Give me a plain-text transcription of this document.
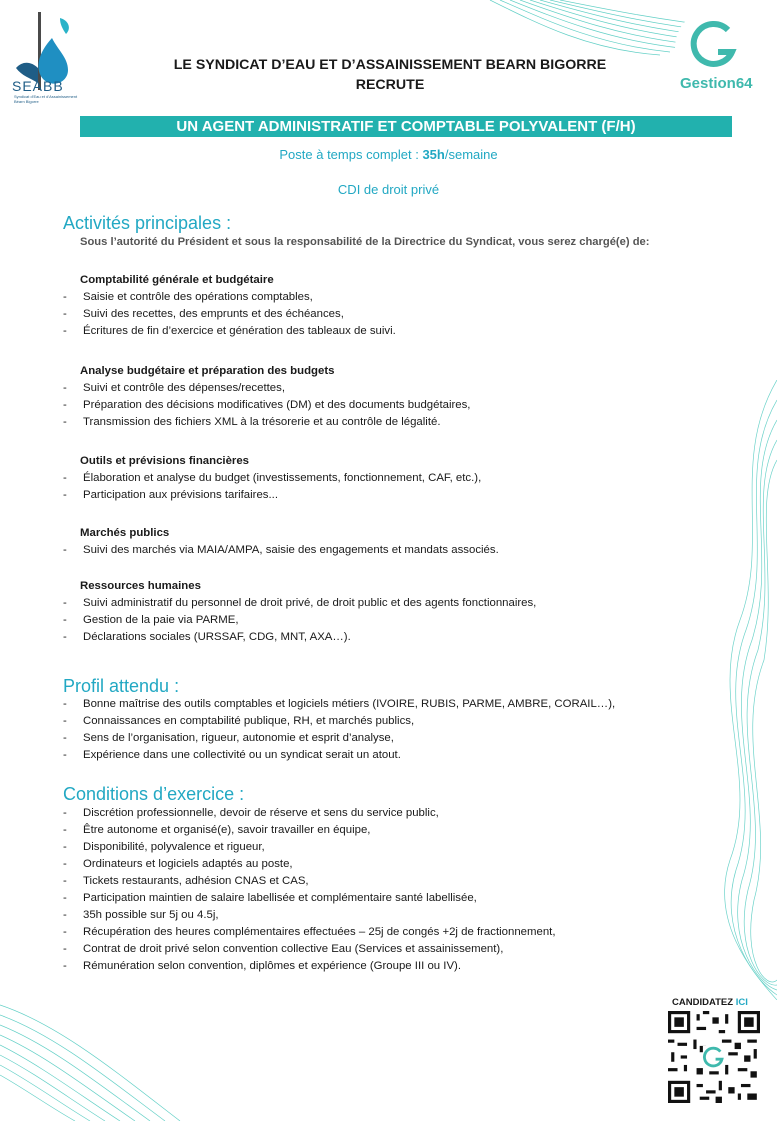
SEABB
Syndicat d'Eau et d'Assainissement Béarn Bigorre
LE SYNDICAT D’EAU ET D’ASSAINISSEMENT BEARN BIGORRE
RECRUTE	Gestion64
UN AGENT ADMINISTRATIF ET COMPTABLE POLYVALENT (F/H)
Poste à temps complet : 35h/semaine
CDI de droit privé
Activités principales :
Sous l’autorité du Président et sous la responsabilité de la Directrice du Syndicat, vous serez chargé(e) de:
Comptabilité générale et budgétaire
- Saisie et contrôle des opérations comptables,
- Suivi des recettes, des emprunts et des échéances,
- Écritures de fin d’exercice et génération des tableaux de suivi.
Analyse budgétaire et préparation des budgets
- Suivi et contrôle des dépenses/recettes,
- Préparation des décisions modificatives (DM) et des documents budgétaires,
- Transmission des fichiers XML à la trésorerie et au contrôle de légalité.
Outils et prévisions financières
- Élaboration et analyse du budget (investissements, fonctionnement, CAF, etc.),
- Participation aux prévisions tarifaires...
Marchés publics
- Suivi des marchés via MAIA/AMPA, saisie des engagements et mandats associés.
Ressources humaines
- Suivi administratif du personnel de droit privé, de droit public et des agents fonctionnaires,
- Gestion de la paie via PARME,
- Déclarations sociales (URSSAF, CDG, MNT, AXA…).
Profil attendu :
- Bonne maîtrise des outils comptables et logiciels métiers (IVOIRE, RUBIS, PARME, AMBRE, CORAIL…),
- Connaissances en comptabilité publique, RH, et marchés publics,
- Sens de l’organisation, rigueur, autonomie et esprit d’analyse,
- Expérience dans une collectivité ou un syndicat serait un atout.
Conditions d’exercice :
- Discrétion professionnelle, devoir de réserve et sens du service public,
- Être autonome et organisé(e), savoir travailler en équipe,
- Disponibilité, polyvalence et rigueur,
- Ordinateurs et logiciels adaptés au poste,
- Tickets restaurants, adhésion CNAS et CAS,
- Participation maintien de salaire labellisée et complémentaire santé labellisée,
- 35h possible sur 5j ou 4.5j,
- Récupération des heures complémentaires effectuées – 25j de congés +2j de fractionnement,
- Contrat de droit privé selon convention collective Eau (Services et assainissement),
- Rémunération selon convention, diplômes et expérience (Groupe III ou IV).
CANDIDATEZ ICI
